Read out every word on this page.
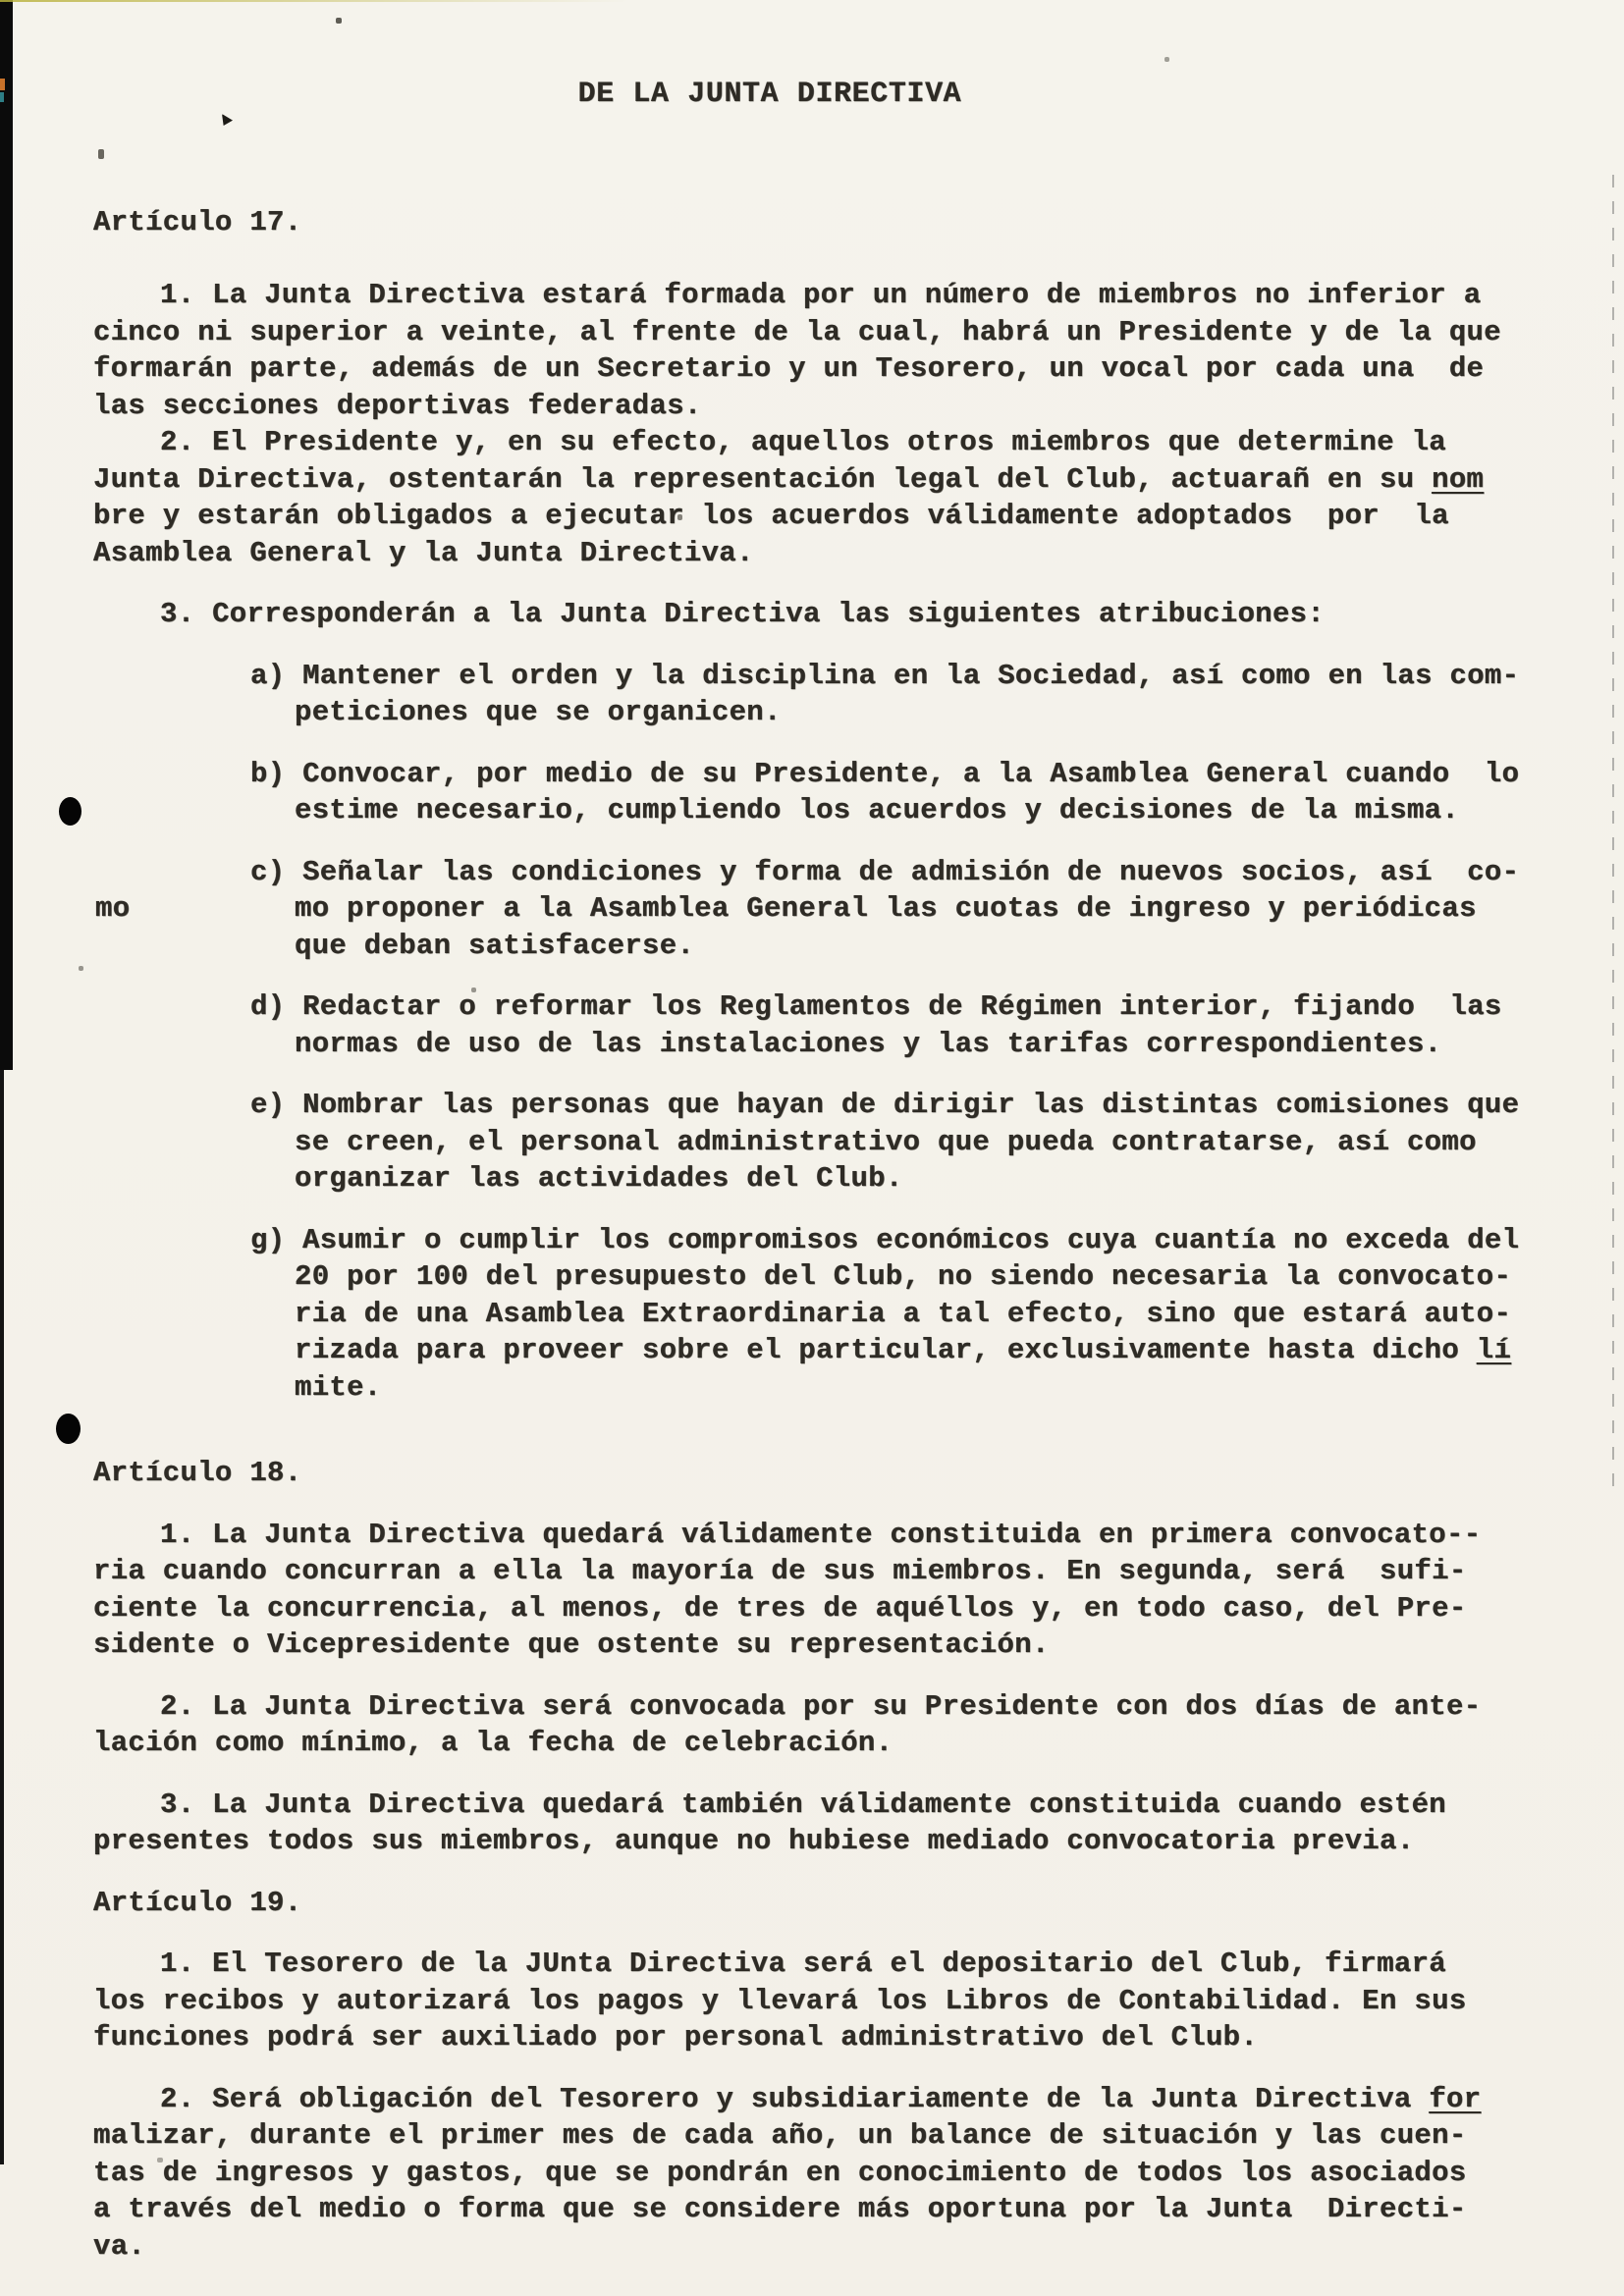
DE LA JUNTA DIRECTIVA

Artículo 17.
1. La Junta Directiva estará formada por un número de miembros no inferior a
cinco ni superior a veinte, al frente de la cual, habrá un Presidente y de la que
formarán parte, además de un Secretario y un Tesorero, un vocal por cada una  de
las secciones deportivas federadas.
2. El Presidente y, en su efecto, aquellos otros miembros que determine la
Junta Directiva, ostentarán la representación legal del Club, actuarañ en su nom
bre y estarán obligados a ejecutar los acuerdos válidamente adoptados  por  la
Asamblea General y la Junta Directiva.
3. Corresponderán a la Junta Directiva las siguientes atribuciones:
a) Mantener el orden y la disciplina en la Sociedad, así como en las com-
peticiones que se organicen.
b) Convocar, por medio de su Presidente, a la Asamblea General cuando  lo
estime necesario, cumpliendo los acuerdos y decisiones de la misma.
c) Señalar las condiciones y forma de admisión de nuevos socios, así  co-
mo proponer a la Asamblea General las cuotas de ingreso y periódicas
mo
que deban satisfacerse.
d) Redactar o reformar los Reglamentos de Régimen interior, fijando  las
normas de uso de las instalaciones y las tarifas correspondientes.
e) Nombrar las personas que hayan de dirigir las distintas comisiones que
se creen, el personal administrativo que pueda contratarse, así como
organizar las actividades del Club.
g) Asumir o cumplir los compromisos económicos cuya cuantía no exceda del
20 por 100 del presupuesto del Club, no siendo necesaria la convocato-
ria de una Asamblea Extraordinaria a tal efecto, sino que estará auto-
rizada para proveer sobre el particular, exclusivamente hasta dicho lí
mite.
Artículo 18.
1. La Junta Directiva quedará válidamente constituida en primera convocato--
ria cuando concurran a ella la mayoría de sus miembros. En segunda, será  sufi-
ciente la concurrencia, al menos, de tres de aquéllos y, en todo caso, del Pre-
sidente o Vicepresidente que ostente su representación.
2. La Junta Directiva será convocada por su Presidente con dos días de ante-
lación como mínimo, a la fecha de celebración.
3. La Junta Directiva quedará también válidamente constituida cuando estén
presentes todos sus miembros, aunque no hubiese mediado convocatoria previa.
Artículo 19.
1. El Tesorero de la JUnta Directiva será el depositario del Club, firmará
los recibos y autorizará los pagos y llevará los Libros de Contabilidad. En sus
funciones podrá ser auxiliado por personal administrativo del Club.
2. Será obligación del Tesorero y subsidiariamente de la Junta Directiva for
malizar, durante el primer mes de cada año, un balance de situación y las cuen-
tas de ingresos y gastos, que se pondrán en conocimiento de todos los asociados
a través del medio o forma que se considere más oportuna por la Junta  Directi-
va.
